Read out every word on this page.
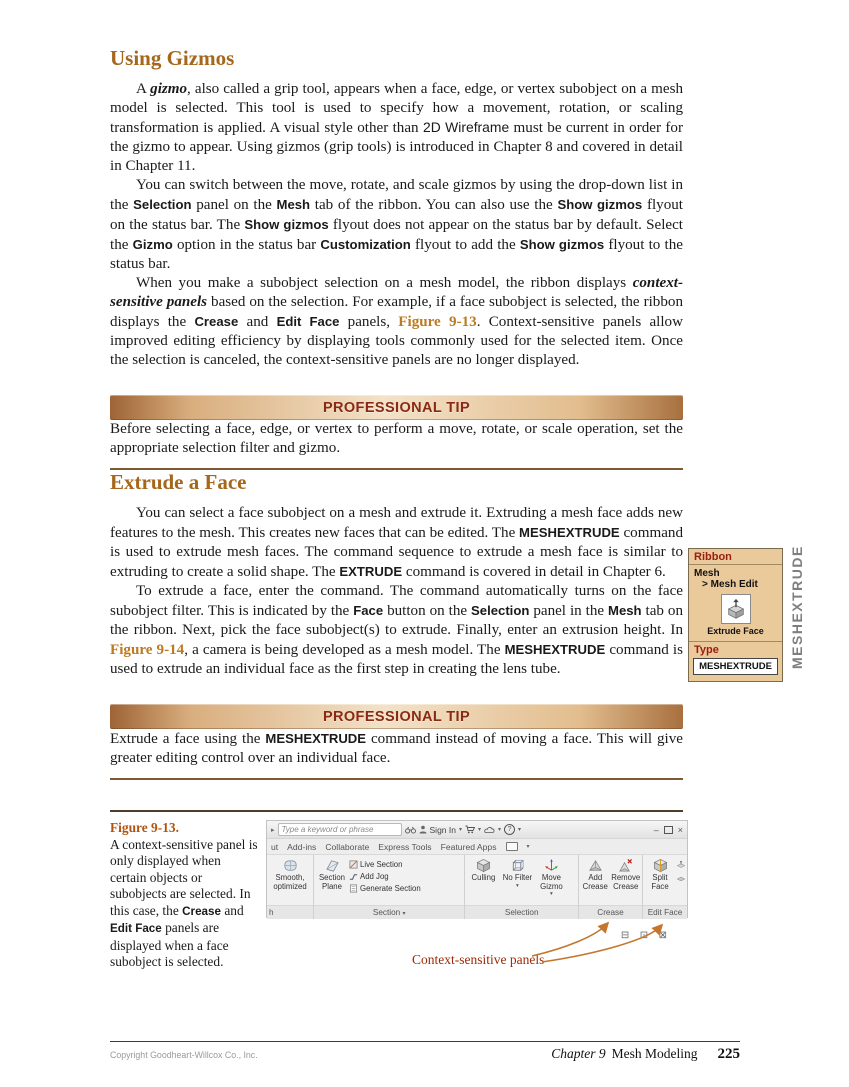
Using Gizmos

A gizmo, also called a grip tool, appears when a face, edge, or vertex subobject on a mesh model is selected. This tool is used to specify how a movement, rotation, or scaling transformation is applied. A visual style other than 2D Wireframe must be current in order for the gizmo to appear. Using gizmos (grip tools) is introduced in Chapter 8 and covered in detail in Chapter 11.

You can switch between the move, rotate, and scale gizmos by using the drop-down list in the Selection panel on the Mesh tab of the ribbon. You can also use the Show gizmos flyout on the status bar. The Show gizmos flyout does not appear on the status bar by default. Select the Gizmo option in the status bar Customization flyout to add the Show gizmos flyout to the status bar.

When you make a subobject selection on a mesh model, the ribbon displays context-sensitive panels based on the selection. For example, if a face subobject is selected, the ribbon displays the Crease and Edit Face panels, Figure 9-13. Context-sensitive panels allow improved editing efficiency by displaying tools commonly used for the selected item. Once the selection is canceled, the context-sensitive panels are no longer displayed.

PROFESSIONAL TIP

Before selecting a face, edge, or vertex to perform a move, rotate, or scale operation, set the appropriate selection filter and gizmo.

Extrude a Face

You can select a face subobject on a mesh and extrude it. Extruding a mesh face adds new features to the mesh. This creates new faces that can be edited. The MESHEXTRUDE command is used to extrude mesh faces. The command sequence to extrude a mesh face is similar to extruding to create a solid shape. The EXTRUDE command is covered in detail in Chapter 6.

To extrude a face, enter the command. The command automatically turns on the face subobject filter. This is indicated by the Face button on the Selection panel in the Mesh tab on the ribbon. Next, pick the face subobject(s) to extrude. Finally, enter an extrusion height. In Figure 9-14, a camera is being developed as a mesh model. The MESHEXTRUDE command is used to extrude an individual face as the first step in creating the lens tube.

PROFESSIONAL TIP

Extrude a face using the MESHEXTRUDE command instead of moving a face. This will give greater editing control over an individual face.

Figure 9-13.
A context-sensitive panel is only displayed when certain objects or subobjects are selected. In this case, the Crease and Edit Face panels are displayed when a face subobject is selected.
▸ Type a keyword or phrase	Sign In ▾	▾	▾ ?	▾	– ×
ut Add-ins Collaborate Express Tools Featured Apps	▾
Smooth, optimized
h
Section Plane
Live Section
Add Jog
Generate Section
Section ▾
Culling No Filter
▾
Move Gizmo
▾
Selection
Add Crease
Remove Crease
Crease
Split Face
Edit Face
⊟ ⊡ ⊠
Context-sensitive panels
Ribbon
Mesh
> Mesh Edit
Extrude Face
Type
MESHEXTRUDE	MESHEXTRUDE
Copyright Goodheart-Willcox Co., Inc.	Chapter 9 Mesh Modeling 225
